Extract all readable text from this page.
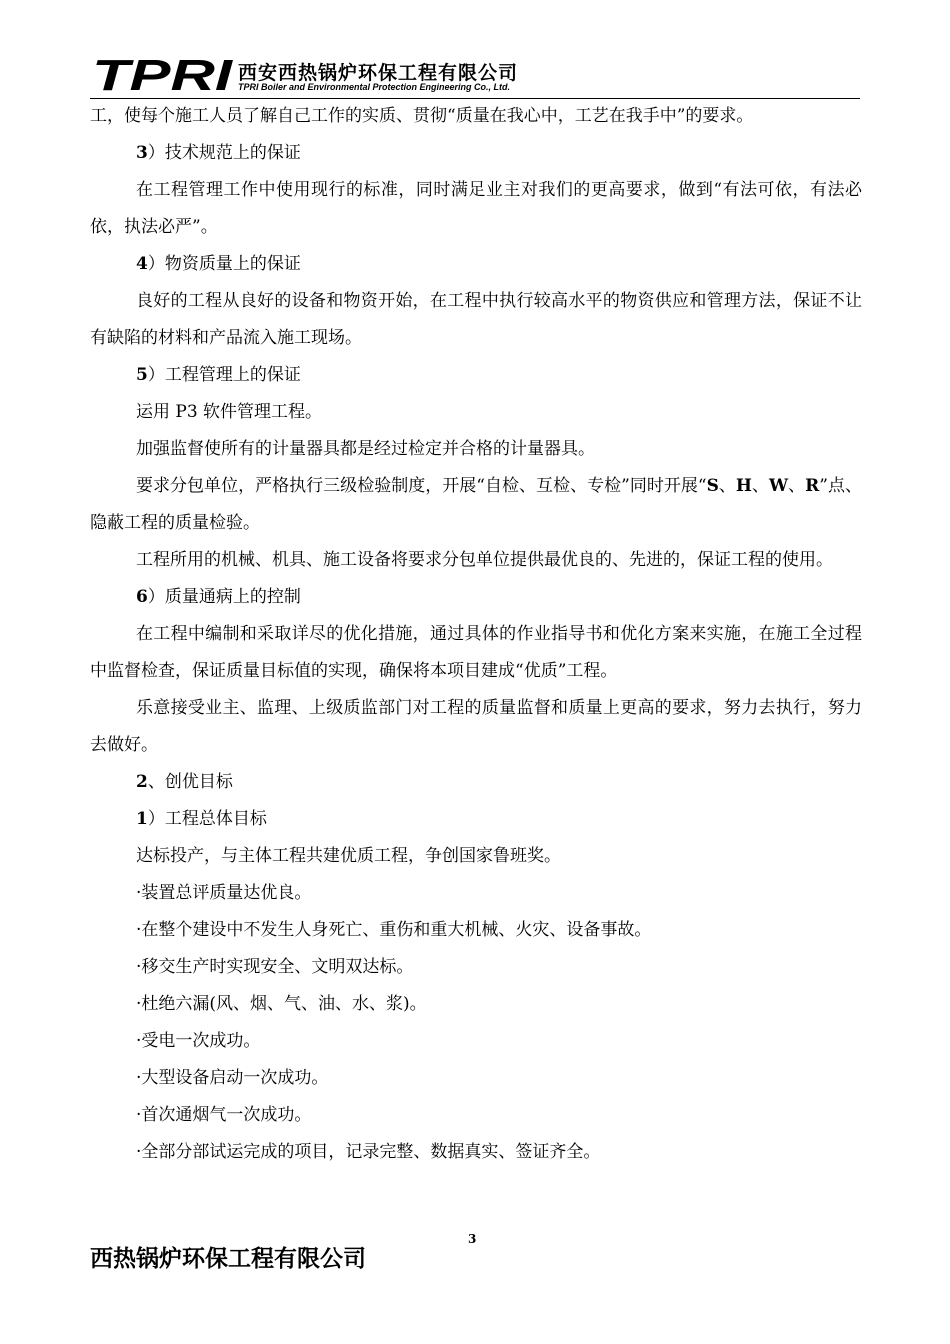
TPRI 西安西热锅炉环保工程有限公司
TPRI Boiler and Environmental Protection Engineering Co., Ltd.

工，使每个施工人员了解自己工作的实质、贯彻“质量在我心中，工艺在我手中”的要求。

3）技术规范上的保证

在工程管理工作中使用现行的标准，同时满足业主对我们的更高要求，做到“有法可依，有法必依，执法必严”。

4）物资质量上的保证

良好的工程从良好的设备和物资开始，在工程中执行较高水平的物资供应和管理方法，保证不让有缺陷的材料和产品流入施工现场。

5）工程管理上的保证

运用 P3 软件管理工程。

加强监督使所有的计量器具都是经过检定并合格的计量器具。

要求分包单位，严格执行三级检验制度，开展“自检、互检、专检”同时开展“S、H、W、R”点、隐蔽工程的质量检验。

工程所用的机械、机具、施工设备将要求分包单位提供最优良的、先进的，保证工程的使用。

6）质量通病上的控制

在工程中编制和采取详尽的优化措施，通过具体的作业指导书和优化方案来实施，在施工全过程中监督检查，保证质量目标值的实现，确保将本项目建成“优质”工程。

乐意接受业主、监理、上级质监部门对工程的质量监督和质量上更高的要求，努力去执行，努力去做好。

2、创优目标

1）工程总体目标

达标投产，与主体工程共建优质工程，争创国家鲁班奖。

·装置总评质量达优良。

·在整个建设中不发生人身死亡、重伤和重大机械、火灾、设备事故。

·移交生产时实现安全、文明双达标。

·杜绝六漏(风、烟、气、油、水、浆)。

·受电一次成功。

·大型设备启动一次成功。

·首次通烟气一次成功。

·全部分部试运完成的项目，记录完整、数据真实、签证齐全。

3
西热锅炉环保工程有限公司
